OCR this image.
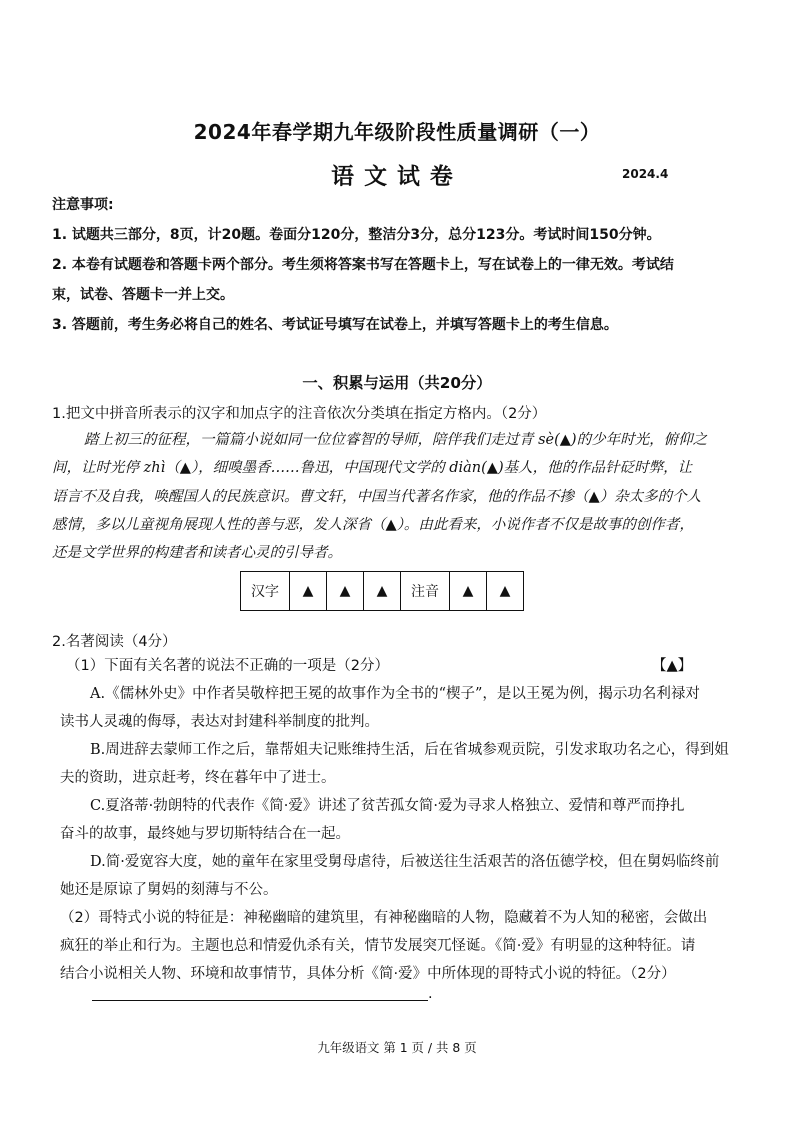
2024年春学期九年级阶段性质量调研（一）
语文试卷	2024.4
注意事项:
1. 试题共三部分，8页，计20题。卷面分120分，整洁分3分，总分123分。考试时间150分钟。
2. 本卷有试题卷和答题卡两个部分。考生须将答案书写在答题卡上，写在试卷上的一律无效。考试结
束，试卷、答题卡一并上交。
3. 答题前，考生务必将自己的姓名、考试证号填写在试卷上，并填写答题卡上的考生信息。
一、积累与运用（共20分）
1.把文中拼音所表示的汉字和加点字的注音依次分类填在指定方格内。（2分）
踏上初三的征程，一篇篇小说如同一位位睿智的导师，陪伴我们走过青 sè(▲)的少年时光，俯仰之
间，让时光停 zhì（▲），细嗅墨香……鲁迅，中国现代文学的 diàn(▲)基人，他的作品针砭时弊，让
语言不及自我，唤醒国人的民族意识。曹文轩，中国当代著名作家，他的作品不掺（▲）杂太多的个人
感情，多以儿童视角展现人性的善与恶，发人深省（▲）。由此看来，小说作者不仅是故事的创作者，
还是文学世界的构建者和读者心灵的引导者。
汉字	▲	▲	▲	注音	▲	▲
2.名著阅读（4分）
（1）下面有关名著的说法不正确的一项是（2分）	【▲】
A.《儒林外史》中作者吴敬梓把王冕的故事作为全书的“楔子”，是以王冕为例，揭示功名利禄对
读书人灵魂的侮辱，表达对封建科举制度的批判。
B.周进辞去蒙师工作之后，靠帮姐夫记账维持生活，后在省城参观贡院，引发求取功名之心，得到姐
夫的资助，进京赶考，终在暮年中了进士。
C.夏洛蒂·勃朗特的代表作《简·爱》讲述了贫苦孤女简·爱为寻求人格独立、爱情和尊严而挣扎
奋斗的故事，最终她与罗切斯特结合在一起。
D.简·爱宽容大度，她的童年在家里受舅母虐待，后被送往生活艰苦的洛伍德学校，但在舅妈临终前
她还是原谅了舅妈的刻薄与不公。
（2）哥特式小说的特征是：神秘幽暗的建筑里，有神秘幽暗的人物，隐藏着不为人知的秘密，会做出
疯狂的举止和行为。主题也总和情爱仇杀有关，情节发展突兀怪诞。《简·爱》有明显的这种特征。请
结合小说相关人物、环境和故事情节，具体分析《简·爱》中所体现的哥特式小说的特征。（2分）
.
九年级语文 第 1 页 / 共 8 页
